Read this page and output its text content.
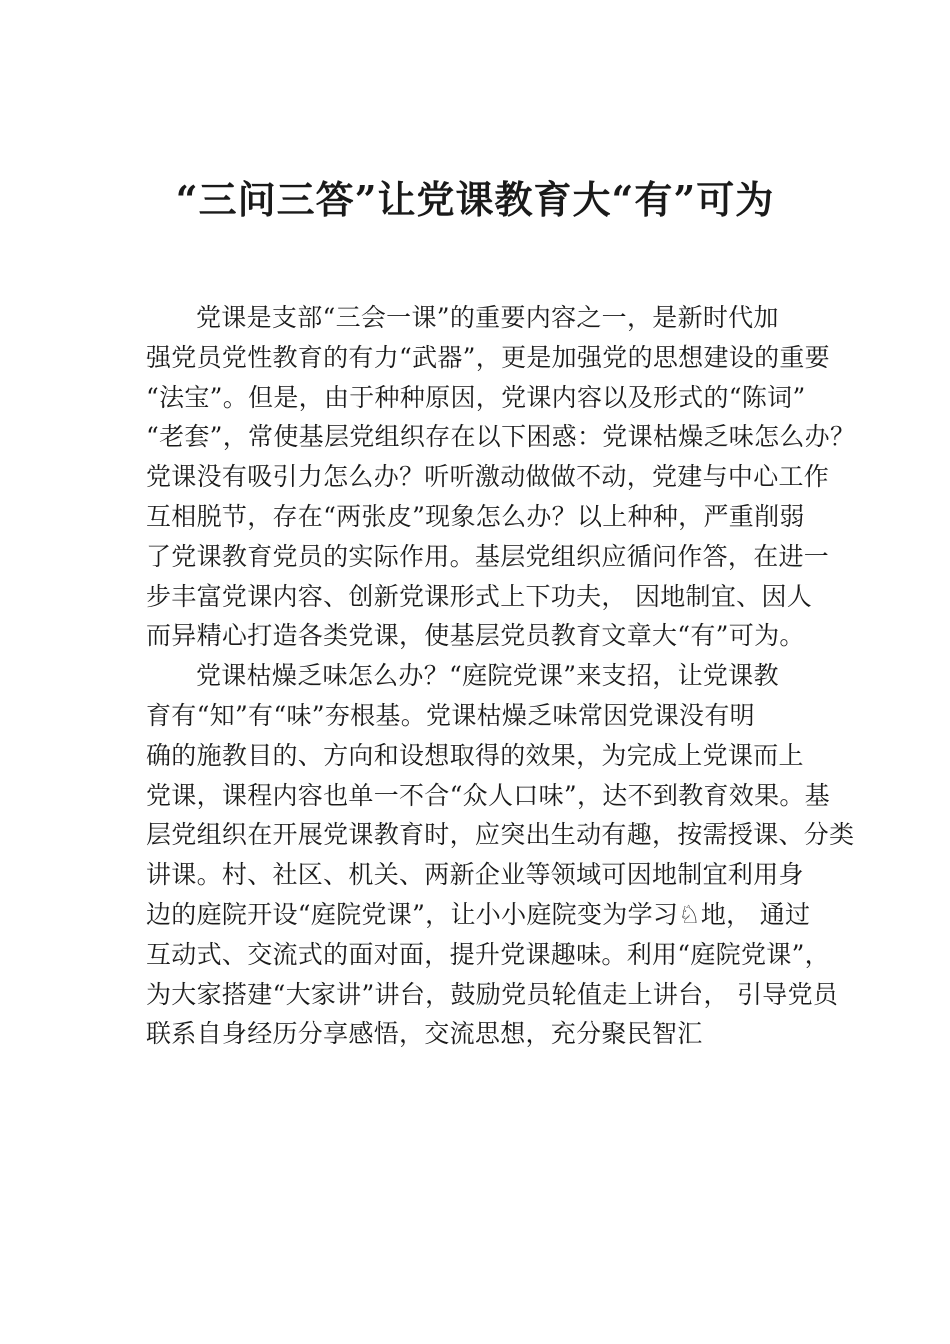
“三问三答”让党课教育大“有”可为
党课是支部“三会一课”的重要内容之一，是新时代加
强党员党性教育的有力“武器”，更是加强党的思想建设的重要
“法宝”。但是，由于种种原因，党课内容以及形式的“陈词”
“老套”，常使基层党组织存在以下困惑：党课枯燥乏味怎么办？
党课没有吸引力怎么办？听听激动做做不动，党建与中心工作
互相脱节，存在“两张皮”现象怎么办？以上种种，严重削弱
了党课教育党员的实际作用。基层党组织应循问作答，在进一
步丰富党课内容、创新党课形式上下功夫， 因地制宜、因人
而异精心打造各类党课，使基层党员教育文章大“有”可为。
党课枯燥乏味怎么办？“庭院党课”来支招，让党课教
育有“知”有“味”夯根基。党课枯燥乏味常因党课没有明
确的施教目的、方向和设想取得的效果，为完成上党课而上
党课，课程内容也单一不合“众人口味”，达不到教育效果。基
层党组织在开展党课教育时，应突出生动有趣，按需授课、分类
讲课。村、社区、机关、两新企业等领域可因地制宜利用身
边的庭院开设“庭院党课”，让小小庭院变为学习♘地， 通过
互动式、交流式的面对面，提升党课趣味。利用“庭院党课”，
为大家搭建“大家讲”讲台，鼓励党员轮值走上讲台， 引导党员
联系自身经历分享感悟，交流思想，充分聚民智汇
